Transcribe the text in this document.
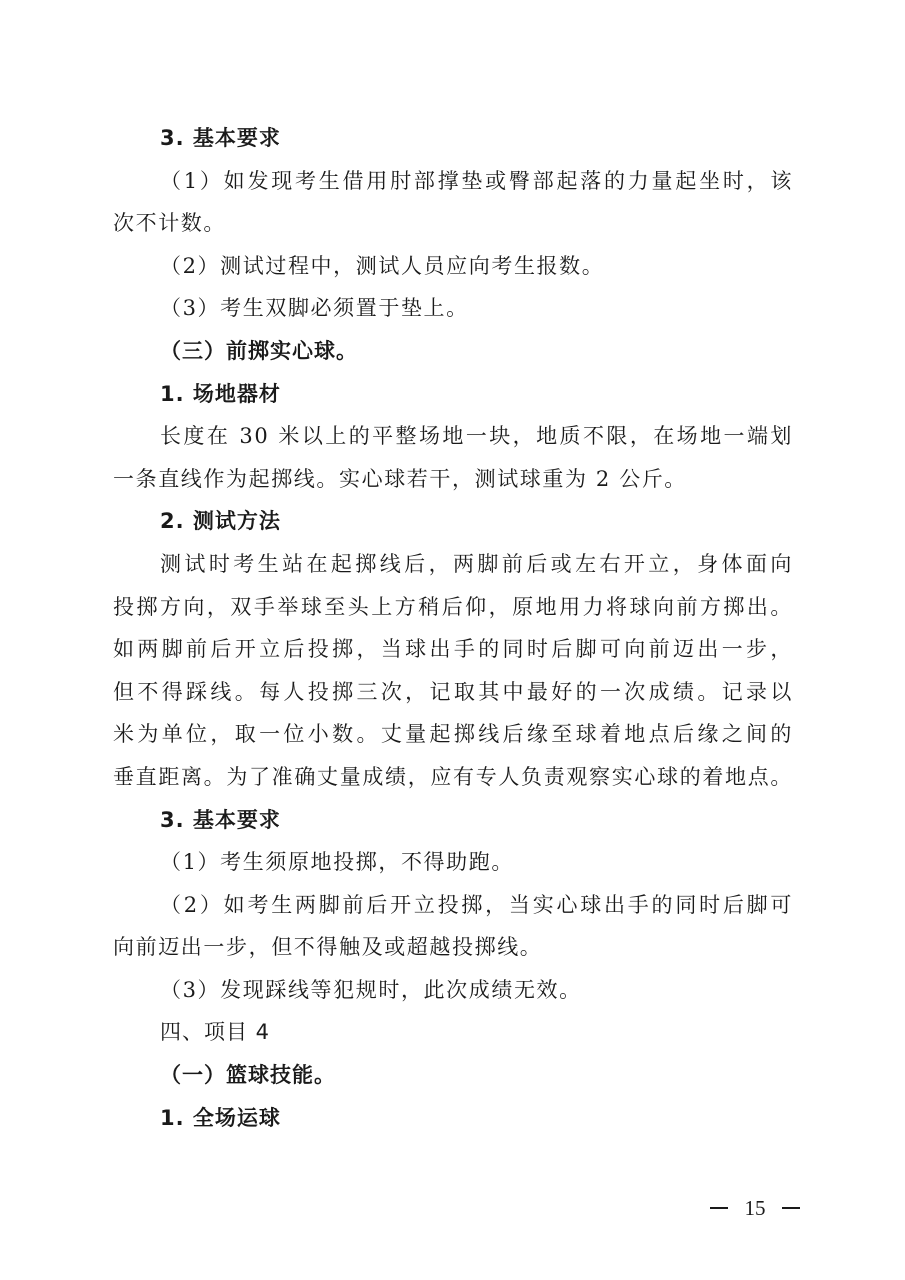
3. 基本要求
（1）如发现考生借用肘部撑垫或臀部起落的力量起坐时，该
次不计数。
（2）测试过程中，测试人员应向考生报数。
（3）考生双脚必须置于垫上。
（三）前掷实心球。
1. 场地器材
长度在 30 米以上的平整场地一块，地质不限，在场地一端划
一条直线作为起掷线。实心球若干，测试球重为 2 公斤。
2. 测试方法
测试时考生站在起掷线后，两脚前后或左右开立，身体面向
投掷方向，双手举球至头上方稍后仰，原地用力将球向前方掷出。
如两脚前后开立后投掷，当球出手的同时后脚可向前迈出一步，
但不得踩线。每人投掷三次，记取其中最好的一次成绩。记录以
米为单位，取一位小数。丈量起掷线后缘至球着地点后缘之间的
垂直距离。为了准确丈量成绩，应有专人负责观察实心球的着地点。
3. 基本要求
（1）考生须原地投掷，不得助跑。
（2）如考生两脚前后开立投掷，当实心球出手的同时后脚可
向前迈出一步，但不得触及或超越投掷线。
（3）发现踩线等犯规时，此次成绩无效。
四、项目 4
（一）篮球技能。
1. 全场运球
15
